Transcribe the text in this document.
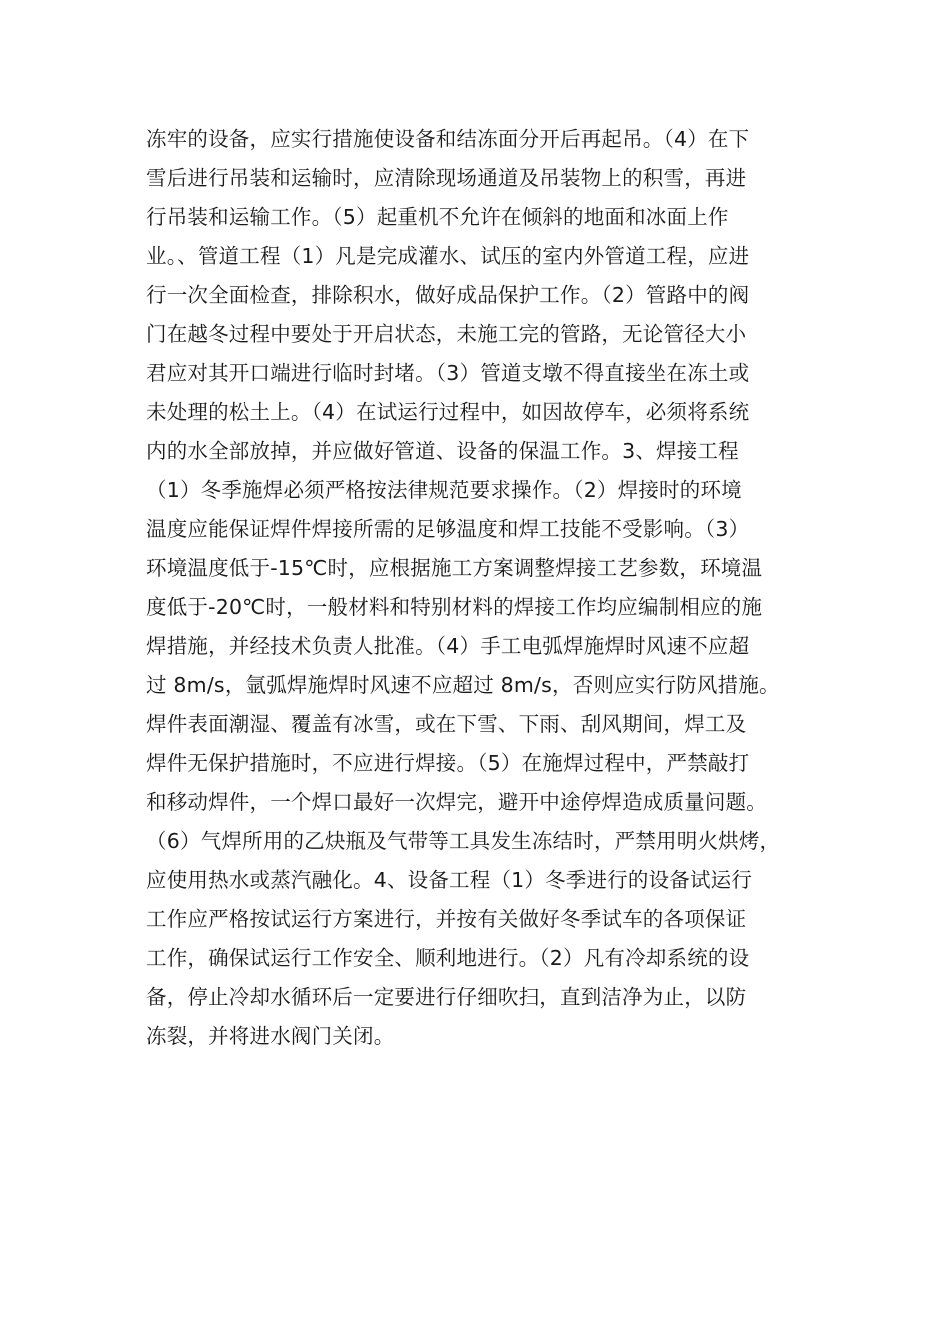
冻牢的设备，应实行措施使设备和结冻面分开后再起吊。（4）在下
雪后进行吊装和运输时，应清除现场通道及吊装物上的积雪，再进
行吊装和运输工作。（5）起重机不允许在倾斜的地面和冰面上作
业。、管道工程（1）凡是完成灌水、试压的室内外管道工程，应进
行一次全面检查，排除积水，做好成品保护工作。（2）管路中的阀
门在越冬过程中要处于开启状态，未施工完的管路，无论管径大小
君应对其开口端进行临时封堵。（3）管道支墩不得直接坐在冻土或
未处理的松土上。（4）在试运行过程中，如因故停车，必须将系统
内的水全部放掉，并应做好管道、设备的保温工作。3、焊接工程
（1）冬季施焊必须严格按法律规范要求操作。（2）焊接时的环境
温度应能保证焊件焊接所需的足够温度和焊工技能不受影响。（3）
环境温度低于-15℃时，应根据施工方案调整焊接工艺参数，环境温
度低于-20℃时，一般材料和特别材料的焊接工作均应编制相应的施
焊措施，并经技术负责人批准。（4）手工电弧焊施焊时风速不应超
过 8m/s，氩弧焊施焊时风速不应超过 8m/s，否则应实行防风措施。
焊件表面潮湿、覆盖有冰雪，或在下雪、下雨、刮风期间，焊工及
焊件无保护措施时，不应进行焊接。（5）在施焊过程中，严禁敲打
和移动焊件，一个焊口最好一次焊完，避开中途停焊造成质量问题。
（6）气焊所用的乙炔瓶及气带等工具发生冻结时，严禁用明火烘烤，
应使用热水或蒸汽融化。4、设备工程（1）冬季进行的设备试运行
工作应严格按试运行方案进行，并按有关做好冬季试车的各项保证
工作，确保试运行工作安全、顺利地进行。（2）凡有冷却系统的设
备，停止冷却水循环后一定要进行仔细吹扫，直到洁净为止，以防
冻裂，并将进水阀门关闭。
